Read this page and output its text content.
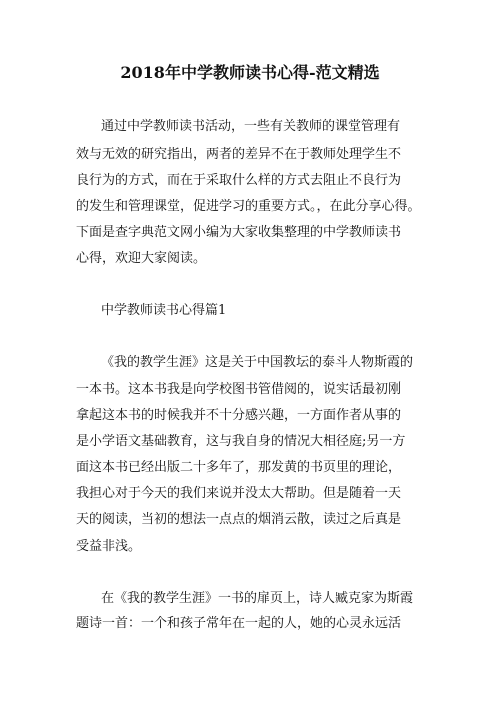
2018年中学教师读书心得-范文精选
通过中学教师读书活动，一些有关教师的课堂管理有
效与无效的研究指出，两者的差异不在于教师处理学生不
良行为的方式，而在于采取什么样的方式去阻止不良行为
的发生和管理课堂，促进学习的重要方式。，在此分享心得。
下面是查字典范文网小编为大家收集整理的中学教师读书
心得，欢迎大家阅读。
中学教师读书心得篇1
《我的教学生涯》这是关于中国教坛的泰斗人物斯霞的
一本书。这本书我是向学校图书管借阅的，说实话最初刚
拿起这本书的时候我并不十分感兴趣，一方面作者从事的
是小学语文基础教育，这与我自身的情况大相径庭;另一方
面这本书已经出版二十多年了，那发黄的书页里的理论，
我担心对于今天的我们来说并没太大帮助。但是随着一天
天的阅读，当初的想法一点点的烟消云散，读过之后真是
受益非浅。
在《我的教学生涯》一书的扉页上，诗人臧克家为斯霞
题诗一首：一个和孩子常年在一起的人，她的心灵永远活
